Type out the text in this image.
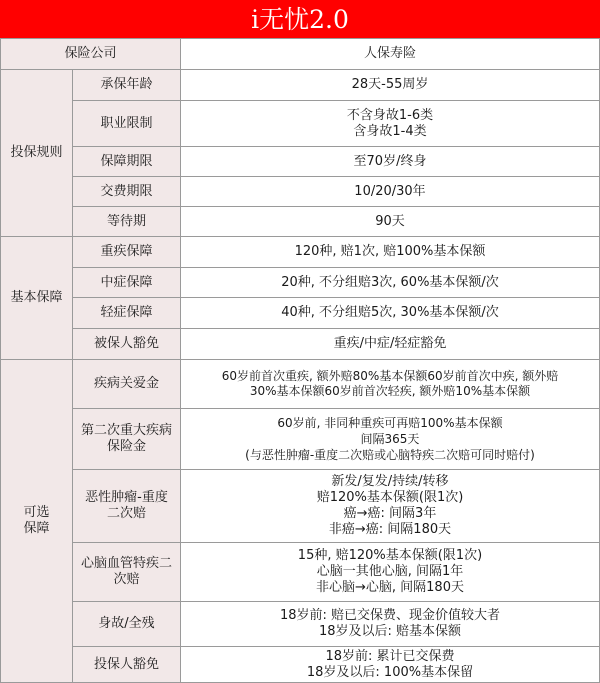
i无忧2.0
保险公司	人保寿险
投保规则
基本保障
可选
保障
承保年龄
职业限制
保障期限
交费期限
等待期
重疾保障
中症保障
轻症保障
被保人豁免
疾病关爱金
第二次重大疾病
保险金
恶性肿瘤-重度
二次赔
心脑血管特疾二
次赔
身故/全残
投保人豁免
28天-55周岁
不含身故1-6类
含身故1-4类
至70岁/终身
10/20/30年
90天
120种, 赔1次, 赔100%基本保额
20种, 不分组赔3次, 60%基本保额/次
40种, 不分组赔5次, 30%基本保额/次
重疾/中症/轻症豁免
60岁前首次重疾, 额外赔80%基本保额60岁前首次中疾, 额外赔
30%基本保额60岁前首次轻疾, 额外赔10%基本保额
60岁前, 非同种重疾可再赔100%基本保额
间隔365天
(与恶性肿瘤-重度二次赔或心脑特疾二次赔可同时赔付)
新发/复发/持续/转移
赔120%基本保额(限1次)
癌→癌: 间隔3年
非癌→癌: 间隔180天
15种, 赔120%基本保额(限1次)
心脑一其他心脑, 间隔1年
非心脑→心脑, 间隔180天
18岁前: 赔已交保费、现金价值较大者
18岁及以后: 赔基本保额
18岁前: 累计已交保费
18岁及以后: 100%基本保留
